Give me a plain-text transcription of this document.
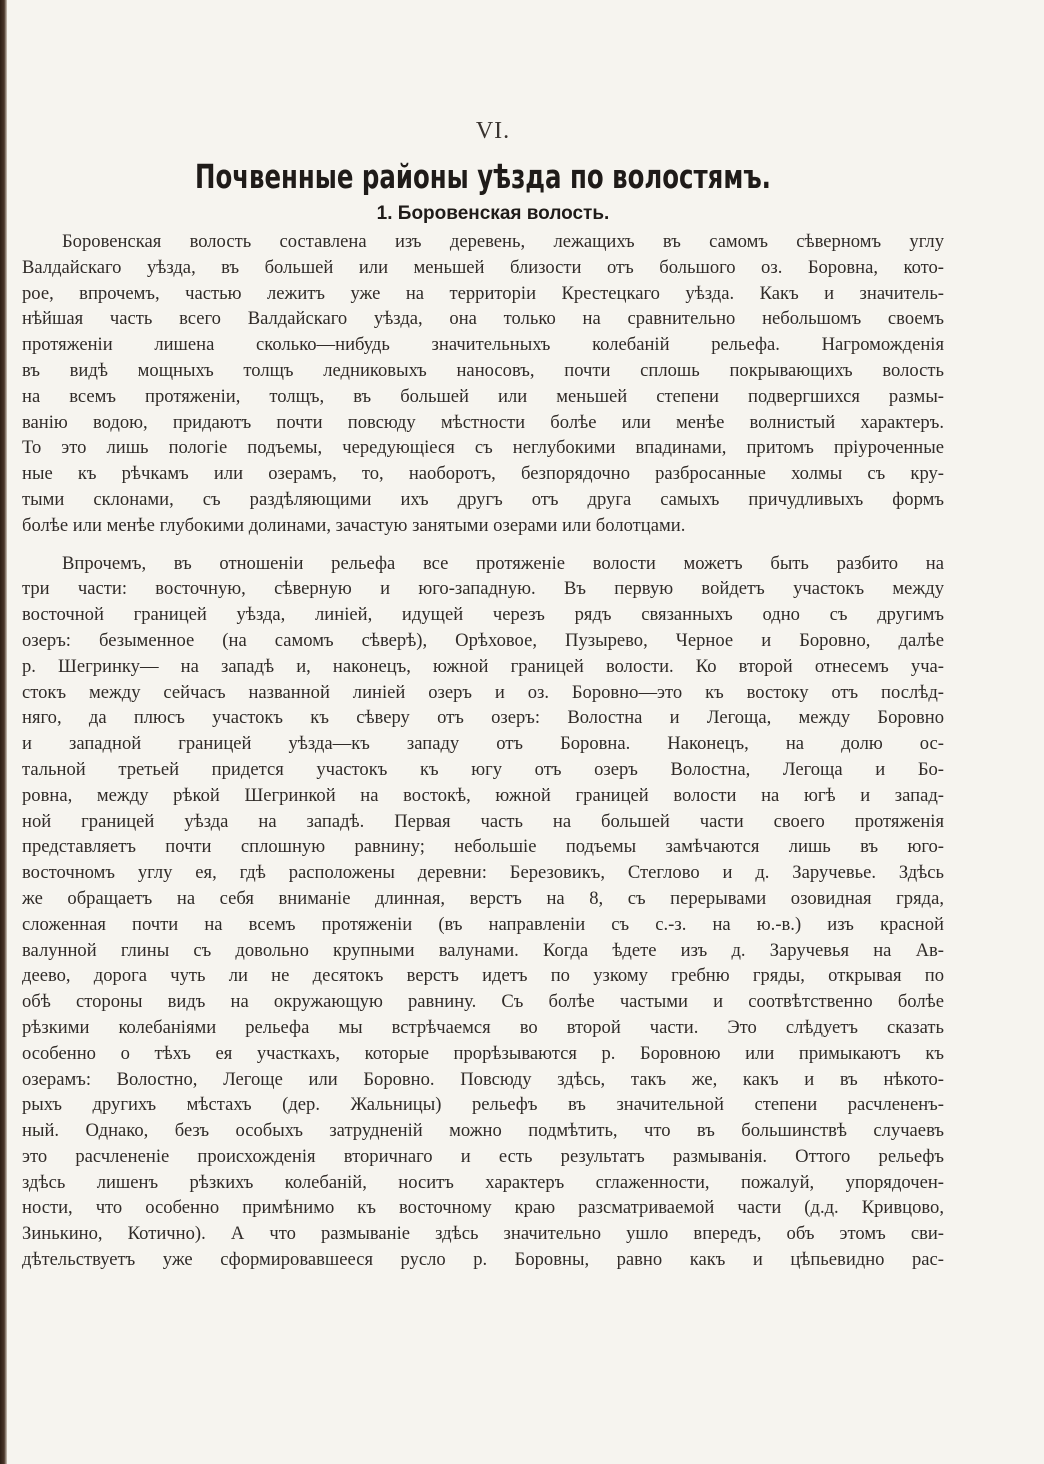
VI.
Почвенные районы уѣзда по волостямъ.
1. Боровенская волость.
Боровенская волость составлена изъ деревень, лежащихъ въ самомъ сѣверномъ углу
Валдайскаго уѣзда, въ большей или меньшей близости отъ большого оз. Боровна, кото-
рое, впрочемъ, частью лежитъ уже на территоріи Крестецкаго уѣзда. Какъ и значитель-
нѣйшая часть всего Валдайскаго уѣзда, она только на сравнительно небольшомъ своемъ
протяженіи лишена сколько—нибудь значительныхъ колебаній рельефа. Нагроможденія
въ видѣ мощныхъ толщъ ледниковыхъ наносовъ, почти сплошь покрывающихъ волость
на всемъ протяженіи, толщъ, въ большей или меньшей степени подвергшихся размы-
ванію водою, придаютъ почти повсюду мѣстности болѣе или менѣе волнистый характеръ.
То это лишь пологіе подъемы, чередующіеся съ неглубокими впадинами, притомъ пріуроченные
ные къ рѣчкамъ или озерамъ, то, наоборотъ, безпорядочно разбросанные холмы съ кру-
тыми склонами, съ раздѣляющими ихъ другъ отъ друга самыхъ причудливыхъ формъ
болѣе или менѣе глубокими долинами, зачастую занятыми озерами или болотцами.
Впрочемъ, въ отношеніи рельефа все протяженіе волости можетъ быть разбито на
три части: восточную, сѣверную и юго-западную. Въ первую войдетъ участокъ между
восточной границей уѣзда, линіей, идущей черезъ рядъ связанныхъ одно съ другимъ
озеръ: безыменное (на самомъ сѣверѣ), Орѣховое, Пузырево, Черное и Боровно, далѣе
р. Шегринку— на западѣ и, наконецъ, южной границей волости. Ко второй отнесемъ уча-
стокъ между сейчасъ названной линіей озеръ и оз. Боровно—это къ востоку отъ послѣд-
няго, да плюсъ участокъ къ сѣверу отъ озеръ: Волостна и Легоща, между Боровно
и западной границей уѣзда—къ западу отъ Боровна. Наконецъ, на долю ос-
тальной третьей придется участокъ къ югу отъ озеръ Волостна, Легоща и Бо-
ровна, между рѣкой Шегринкой на востокѣ, южной границей волости на югѣ и запад-
ной границей уѣзда на западѣ. Первая часть на большей части своего протяженія
представляетъ почти сплошную равнину; небольшіе подъемы замѣчаются лишь въ юго-
восточномъ углу ея, гдѣ расположены деревни: Березовикъ, Стеглово и д. Заручевье. Здѣсь
же обращаетъ на себя вниманіе длинная, верстъ на 8, съ перерывами озовидная гряда,
сложенная почти на всемъ протяженіи (въ направленіи съ с.-з. на ю.-в.) изъ красной
валунной глины съ довольно крупными валунами. Когда ѣдете изъ д. Заручевья на Ав-
деево, дорога чуть ли не десятокъ верстъ идетъ по узкому гребню гряды, открывая по
обѣ стороны видъ на окружающую равнину. Съ болѣе частыми и соотвѣтственно болѣе
рѣзкими колебаніями рельефа мы встрѣчаемся во второй части. Это слѣдуетъ сказать
особенно о тѣхъ ея участкахъ, которые прорѣзываются р. Боровною или примыкаютъ къ
озерамъ: Волостно, Легоще или Боровно. Повсюду здѣсь, такъ же, какъ и въ нѣкото-
рыхъ другихъ мѣстахъ (дер. Жальницы) рельефъ въ значительной степени расчлененъ-
ный. Однако, безъ особыхъ затрудненій можно подмѣтить, что въ большинствѣ случаевъ
это расчлененіе происхожденія вторичнаго и есть результатъ размыванія. Оттого рельефъ
здѣсь лишенъ рѣзкихъ колебаній, носитъ характеръ сглаженности, пожалуй, упорядочен-
ности, что особенно примѣнимо къ восточному краю разсматриваемой части (д.д. Кривцово,
Зинькино, Котично). А что размываніе здѣсь значительно ушло впередъ, объ этомъ сви-
дѣтельствуетъ уже сформировавшееся русло р. Боровны, равно какъ и цѣпьевидно рас-
